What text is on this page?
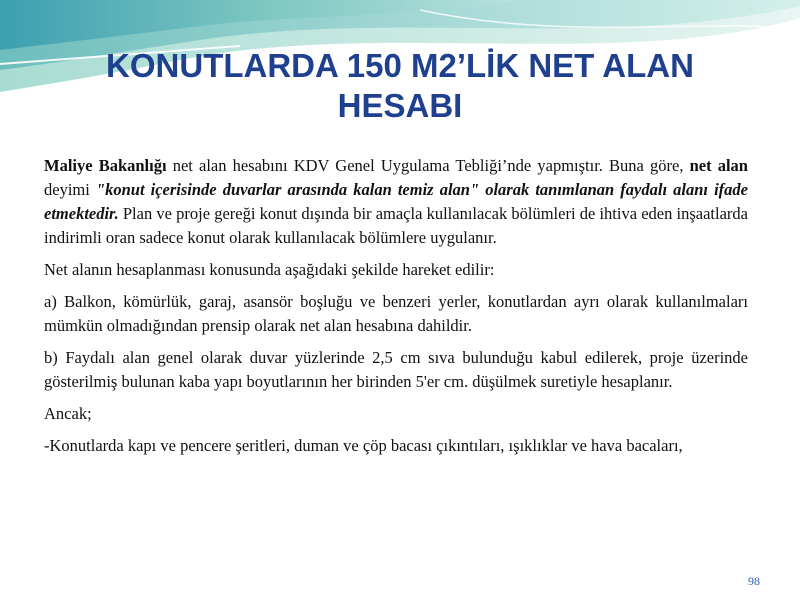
KONUTLARDA 150 M2’LİK NET ALAN
HESABI

Maliye Bakanlığı net alan hesabını KDV Genel Uygulama Tebliği’nde yapmıştır. Buna göre, net alan deyimi "konut içerisinde duvarlar arasında kalan temiz alan" olarak tanımlanan faydalı alanı ifade etmektedir. Plan ve proje gereği konut dışında bir amaçla kullanılacak bölümleri de ihtiva eden inşaatlarda indirimli oran sadece konut olarak kullanılacak bölümlere uygulanır.

Net alanın hesaplanması konusunda aşağıdaki şekilde hareket edilir:

a) Balkon, kömürlük, garaj, asansör boşluğu ve benzeri yerler, konutlardan ayrı olarak kullanılmaları mümkün olmadığından prensip olarak net alan hesabına dahildir.

b) Faydalı alan genel olarak duvar yüzlerinde 2,5 cm sıva bulunduğu kabul edilerek, proje üzerinde gösterilmiş bulunan kaba yapı boyutlarının her birinden 5'er cm. düşülmek suretiyle hesaplanır.

Ancak;

-Konutlarda kapı ve pencere şeritleri, duman ve çöp bacası çıkıntıları, ışıklıklar ve hava bacaları,

98
